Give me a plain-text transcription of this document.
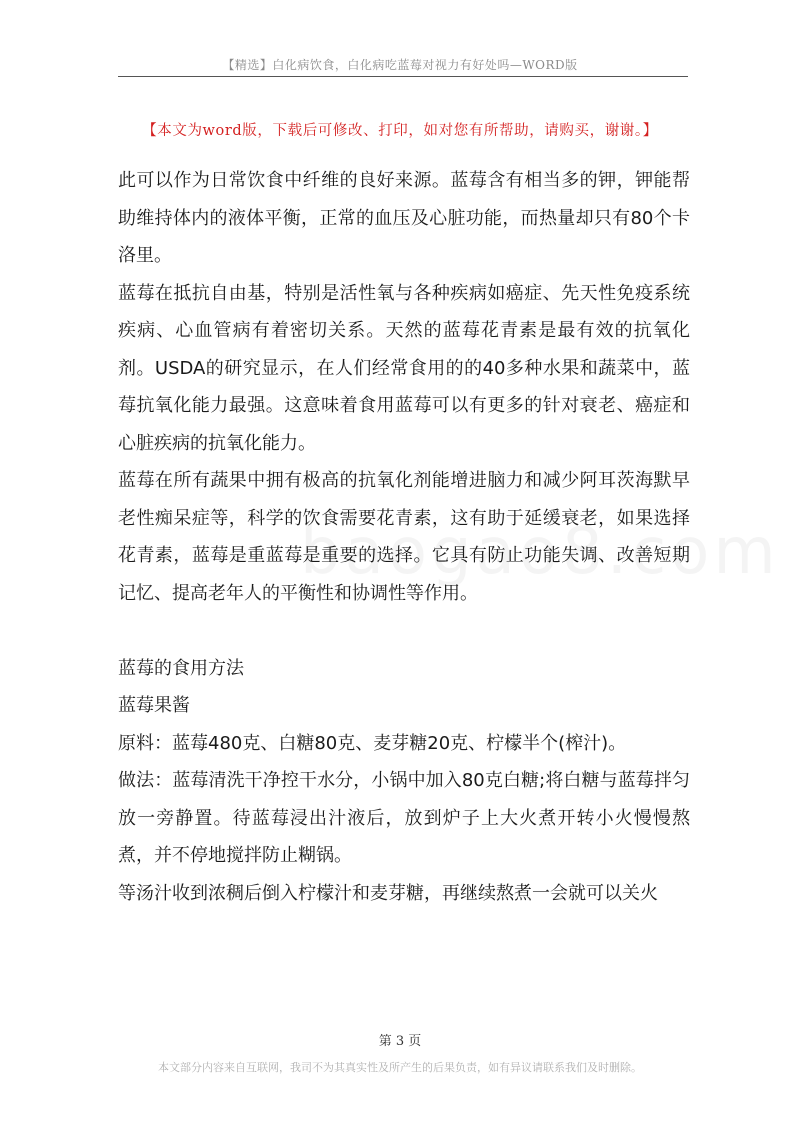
【精选】白化病饮食，白化病吃蓝莓对视力有好处吗—WORD版
【本文为word版，下载后可修改、打印，如对您有所帮助，请购买，谢谢。】

此可以作为日常饮食中纤维的良好来源。蓝莓含有相当多的钾，钾能帮助维持体内的液体平衡，正常的血压及心脏功能，而热量却只有80个卡洛里。

蓝莓在抵抗自由基，特别是活性氧与各种疾病如癌症、先天性免疫系统疾病、心血管病有着密切关系。天然的蓝莓花青素是最有效的抗氧化剂。USDA的研究显示，在人们经常食用的的40多种水果和蔬菜中，蓝莓抗氧化能力最强。这意味着食用蓝莓可以有更多的针对衰老、癌症和心脏疾病的抗氧化能力。

蓝莓在所有蔬果中拥有极高的抗氧化剂能增进脑力和减少阿耳茨海默早老性痴呆症等，科学的饮食需要花青素，这有助于延缓衰老，如果选择花青素，蓝莓是重蓝莓是重要的选择。它具有防止功能失调、改善短期记忆、提高老年人的平衡性和协调性等作用。

蓝莓的食用方法

蓝莓果酱

原料：蓝莓480克、白糖80克、麦芽糖20克、柠檬半个(榨汁)。

做法：蓝莓清洗干净控干水分，小锅中加入80克白糖;将白糖与蓝莓拌匀放一旁静置。待蓝莓浸出汁液后，放到炉子上大火煮开转小火慢慢熬煮，并不停地搅拌防止糊锅。

等汤汁收到浓稠后倒入柠檬汁和麦芽糖，再继续熬煮一会就可以关火

第 3 页
本文部分内容来自互联网，我司不为其真实性及所产生的后果负责，如有异议请联系我们及时删除。
